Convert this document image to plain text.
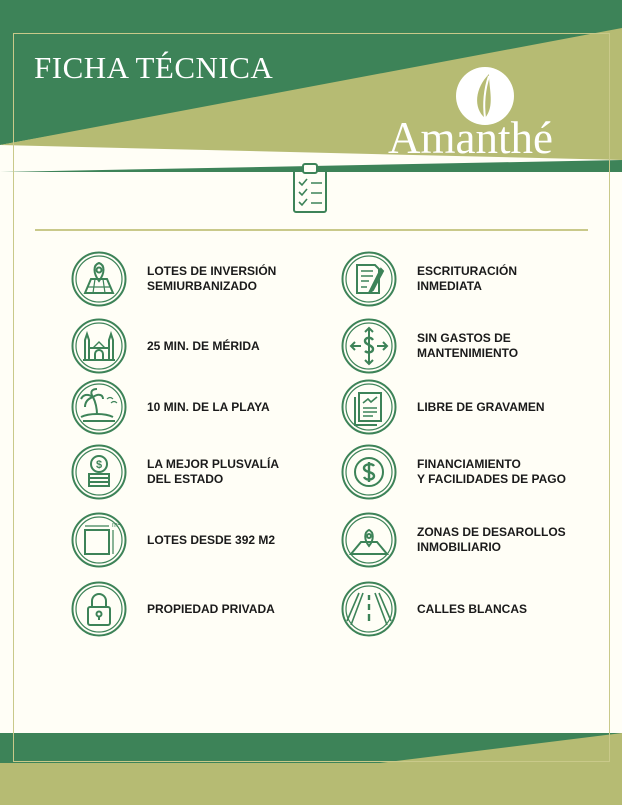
FICHA TÉCNICA
Amanthé
LOTES DE INVERSIÓN
SEMIURBANIZADO
ESCRITURACIÓN
INMEDIATA
25 MIN. DE MÉRIDA
SIN GASTOS DE
MANTENIMIENTO
10 MIN. DE LA PLAYA	LIBRE DE GRAVAMEN
$	LA MEJOR PLUSVALÍA
DEL ESTADO
FINANCIAMIENTO
Y FACILIDADES DE PAGO
m²
LOTES DESDE 392 M2
ZONAS DE DESAROLLOS
INMOBILIARIO
PROPIEDAD PRIVADA	CALLES BLANCAS
